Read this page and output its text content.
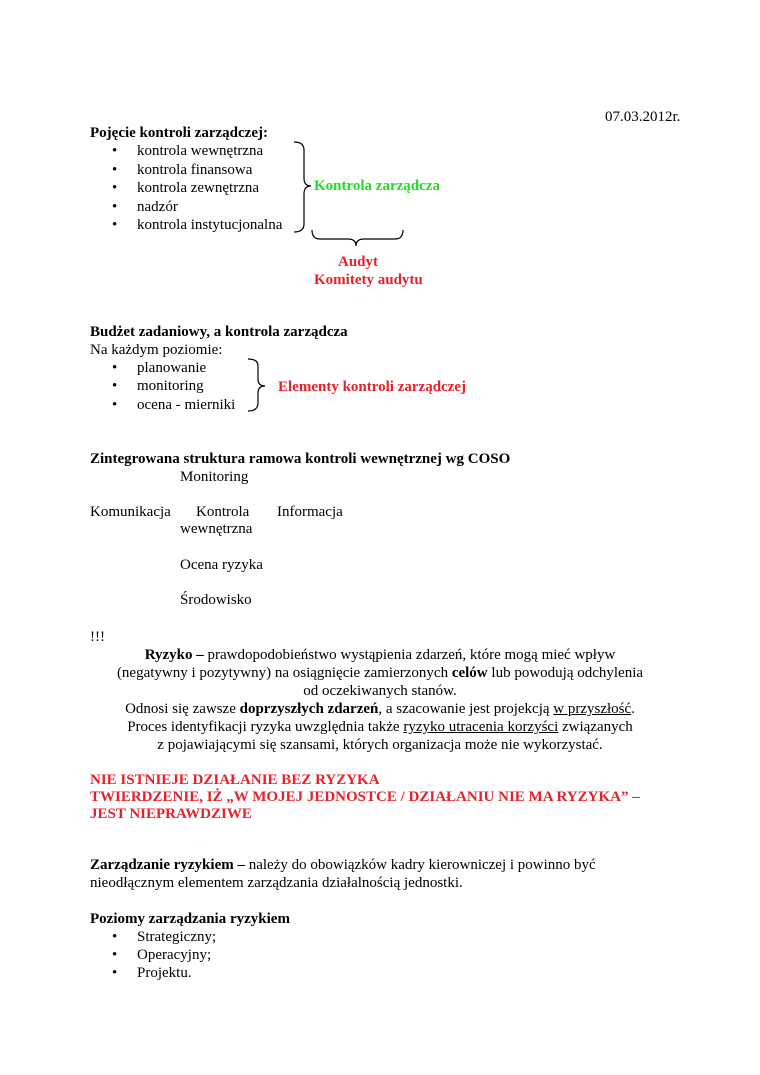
07.03.2012r.
Pojęcie kontroli zarządczej:
• kontrola wewnętrzna
• kontrola finansowa
• kontrola zewnętrzna
• nadzór
• kontrola instytucjonalna
Kontrola zarządcza
Audyt
Komitety audytu
Budżet zadaniowy, a kontrola zarządcza
Na każdym poziomie:
• planowanie
• monitoring
• ocena - mierniki
Elementy kontroli zarządczej
Zintegrowana struktura ramowa kontroli wewnętrznej wg COSO
Monitoring
Komunikacja Kontrola Informacja
wewnętrzna
Ocena ryzyka
Środowisko
!!!
Ryzyko – prawdopodobieństwo wystąpienia zdarzeń, które mogą mieć wpływ
(negatywny i pozytywny) na osiągnięcie zamierzonych celów lub powodują odchylenia
od oczekiwanych stanów.
Odnosi się zawsze doprzyszłych zdarzeń, a szacowanie jest projekcją w przyszłość.
Proces identyfikacji ryzyka uwzględnia także ryzyko utracenia korzyści związanych
z pojawiającymi się szansami, których organizacja może nie wykorzystać.
NIE ISTNIEJE DZIAŁANIE BEZ RYZYKA
TWIERDZENIE, IŻ „W MOJEJ JEDNOSTCE / DZIAŁANIU NIE MA RYZYKA” –
JEST NIEPRAWDZIWE
Zarządzanie ryzykiem – należy do obowiązków kadry kierowniczej i powinno być
nieodłącznym elementem zarządzania działalnością jednostki.
Poziomy zarządzania ryzykiem
• Strategiczny;
• Operacyjny;
• Projektu.
